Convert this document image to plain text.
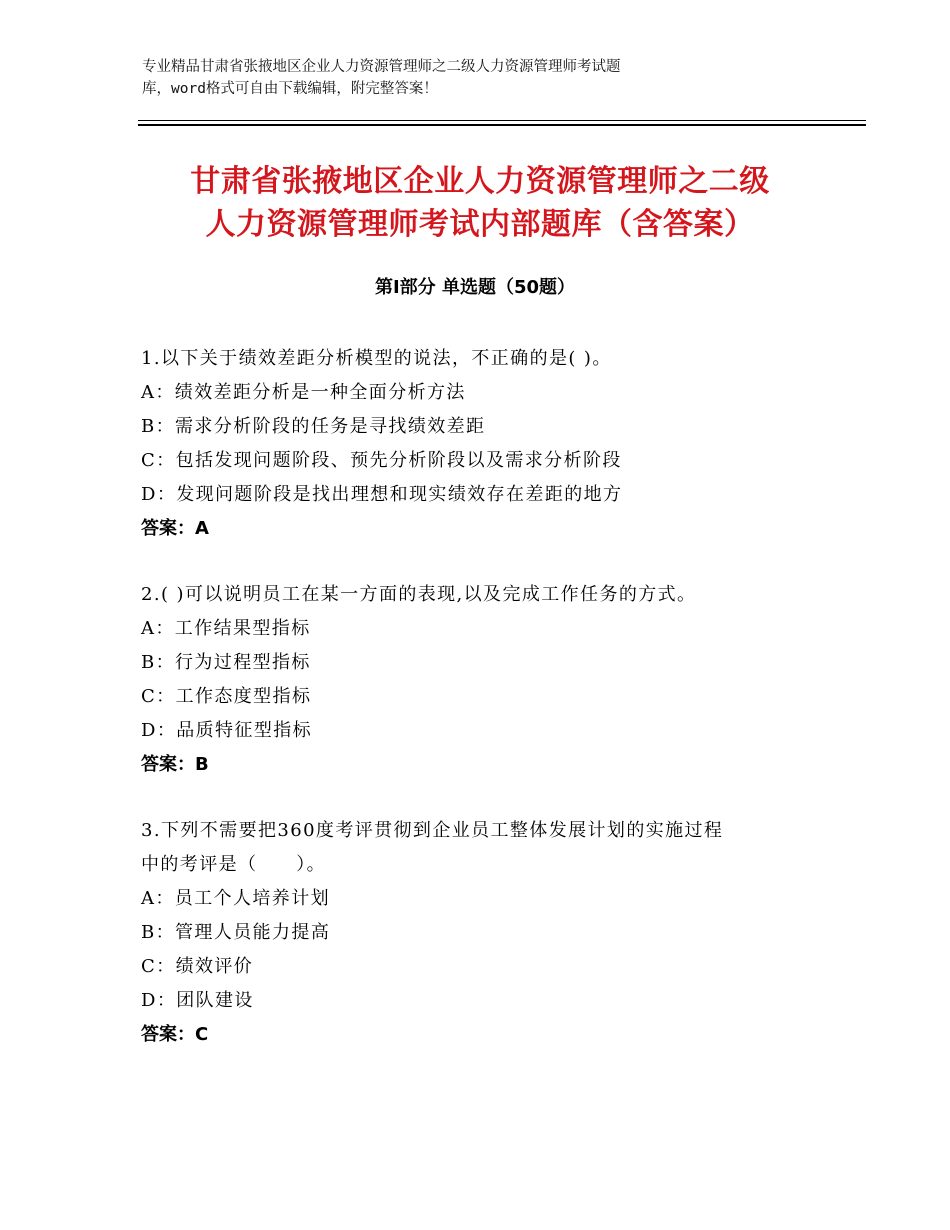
专业精品甘肃省张掖地区企业人力资源管理师之二级人力资源管理师考试题
库，word格式可自由下载编辑，附完整答案！
甘肃省张掖地区企业人力资源管理师之二级
人力资源管理师考试内部题库（含答案）
第Ⅰ部分 单选题（50题）
1.以下关于绩效差距分析模型的说法，不正确的是( )。
A：绩效差距分析是一种全面分析方法
B：需求分析阶段的任务是寻找绩效差距
C：包括发现问题阶段、预先分析阶段以及需求分析阶段
D：发现问题阶段是找出理想和现实绩效存在差距的地方
答案：A
2.( )可以说明员工在某一方面的表现,以及完成工作任务的方式。
A：工作结果型指标
B：行为过程型指标
C：工作态度型指标
D：品质特征型指标
答案：B
3.下列不需要把360度考评贯彻到企业员工整体发展计划的实施过程
中的考评是（　　）。
A：员工个人培养计划
B：管理人员能力提高
C：绩效评价
D：团队建设
答案：C
